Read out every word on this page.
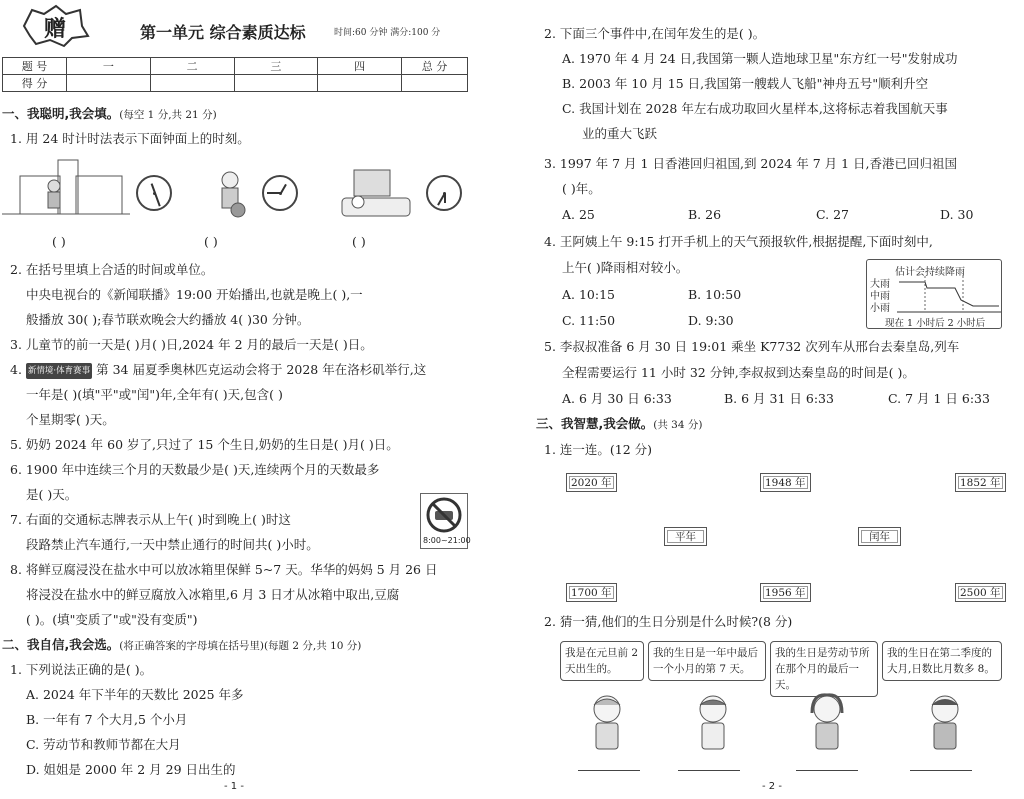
赠	第一单元 综合素质达标	时间:60 分钟 满分:100 分
题 号	一	二	三	四	总 分
得 分					
一、我聪明,我会填。(每空 1 分,共 21 分)
1. 用 24 时计时法表示下面钟面上的时刻。
( )	( )	( )
2. 在括号里填上合适的时间或单位。
中央电视台的《新闻联播》19:00 开始播出,也就是晚上( ),一
般播放 30( );春节联欢晚会大约播放 4( )30 分钟。
3. 儿童节的前一天是( )月( )日,2024 年 2 月的最后一天是( )日。
4. 新情境·体育赛事 第 34 届夏季奥林匹克运动会将于 2028 年在洛杉矶举行,这
一年是( )(填"平"或"闰")年,全年有( )天,包含( )
个星期零( )天。
5. 奶奶 2024 年 60 岁了,只过了 15 个生日,奶奶的生日是( )月( )日。
6. 1900 年中连续三个月的天数最少是( )天,连续两个月的天数最多
是( )天。
7. 右面的交通标志牌表示从上午( )时到晚上( )时这
段路禁止汽车通行,一天中禁止通行的时间共( )小时。	8:00~21:00
8. 将鲜豆腐浸没在盐水中可以放冰箱里保鲜 5~7 天。华华的妈妈 5 月 26 日
将浸没在盐水中的鲜豆腐放入冰箱里,6 月 3 日才从冰箱中取出,豆腐
( )。(填"变质了"或"没有变质")
二、我自信,我会选。(将正确答案的字母填在括号里)(每题 2 分,共 10 分)
1. 下列说法正确的是( )。
A. 2024 年下半年的天数比 2025 年多
B. 一年有 7 个大月,5 个小月
C. 劳动节和教师节都在大月
D. 姐姐是 2000 年 2 月 29 日出生的
- 1 -
2. 下面三个事件中,在闰年发生的是( )。
A. 1970 年 4 月 24 日,我国第一颗人造地球卫星"东方红一号"发射成功
B. 2003 年 10 月 15 日,我国第一艘载人飞船"神舟五号"顺利升空
C. 我国计划在 2028 年左右成功取回火星样本,这将标志着我国航天事
业的重大飞跃
3. 1997 年 7 月 1 日香港回归祖国,到 2024 年 7 月 1 日,香港已回归祖国
( )年。
A. 25	B. 26	C. 27	D. 30
4. 王阿姨上午 9:15 打开手机上的天气预报软件,根据提醒,下面时刻中,
上午( )降雨相对较小。
A. 10:15	B. 10:50
C. 11:50	D. 9:30
估计会持续降雨
大雨
中雨
小雨
现在 1 小时后 2 小时后
5. 李叔叔准备 6 月 30 日 19:01 乘坐 K7732 次列车从邢台去秦皇岛,列车
全程需要运行 11 小时 32 分钟,李叔叔到达秦皇岛的时间是( )。
A. 6 月 30 日 6:33	B. 6 月 31 日 6:33	C. 7 月 1 日 6:33
三、我智慧,我会做。(共 34 分)
1. 连一连。(12 分)
2020 年	1948 年	1852 年
平年	闰年
1700 年	1956 年	2500 年
2. 猜一猜,他们的生日分别是什么时候?(8 分)
我是在元旦前 2 天出生的。
我的生日是一年中最后一个小月的第 7 天。
我的生日是劳动节所在那个月的最后一天。
我的生日在第二季度的大月,日数比月数多 8。
- 2 -
